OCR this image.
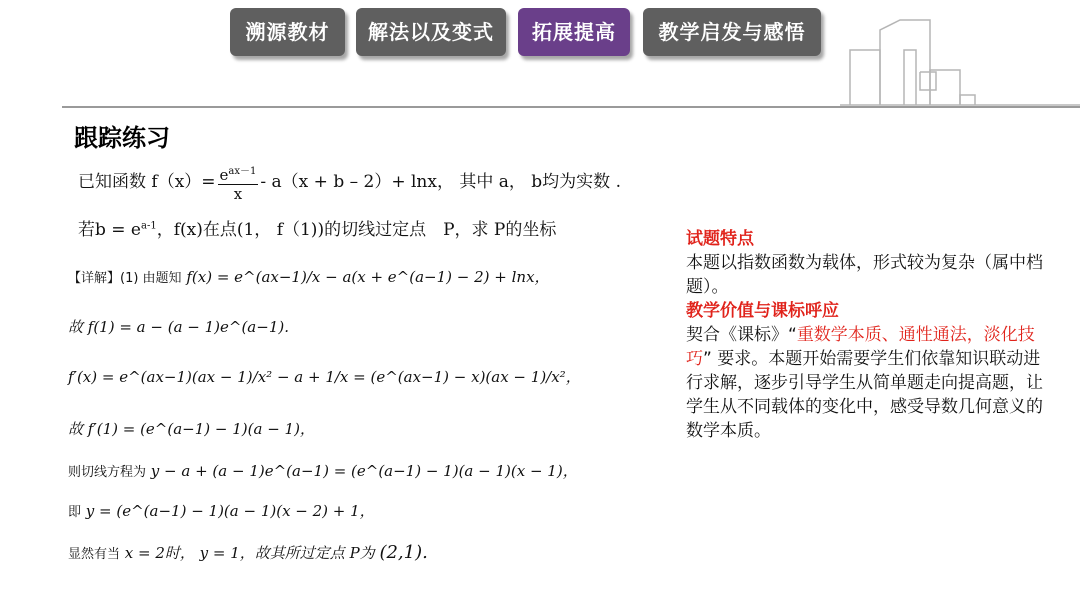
溯源教材	解法以及变式	拓展提高	教学启发与感悟
跟踪练习
已知函数 $f(x)= \frac{e^{ax-1}}{x} - a(x + b - 2)+ \ln x$， 其中 a， b均为实数 .
若$b = e^{a-1}$，f(x)在点(1， f（1))的切线过定点　P，求 P的坐标
【详解】(1) 由题知 f(x) = e^(ax−1)/x − a(x + e^(a−1) − 2) + lnx，
故 f(1) = a − (a − 1)e^(a−1).
f′(x) = e^(ax−1)(ax − 1)/x² − a + 1/x = (e^(ax−1) − x)(ax − 1)/x²，
故 f′(1) = (e^(a−1) − 1)(a − 1)，
则切线方程为 y − a + (a − 1)e^(a−1) = (e^(a−1) − 1)(a − 1)(x − 1)，
即 y = (e^(a−1) − 1)(a − 1)(x − 2) + 1，
显然有当 x = 2时， y = 1，故其所过定点 P为 (2,1).
试题特点
本题以指数函数为载体，形式较为复杂（属中档题）。
教学价值与课标呼应
契合《课标》“重数学本质、通性通法，淡化技巧” 要求。本题开始需要学生们依靠知识联动进行求解，逐步引导学生从简单题走向提高题，让学生从不同载体的变化中，感受导数几何意义的数学本质。
